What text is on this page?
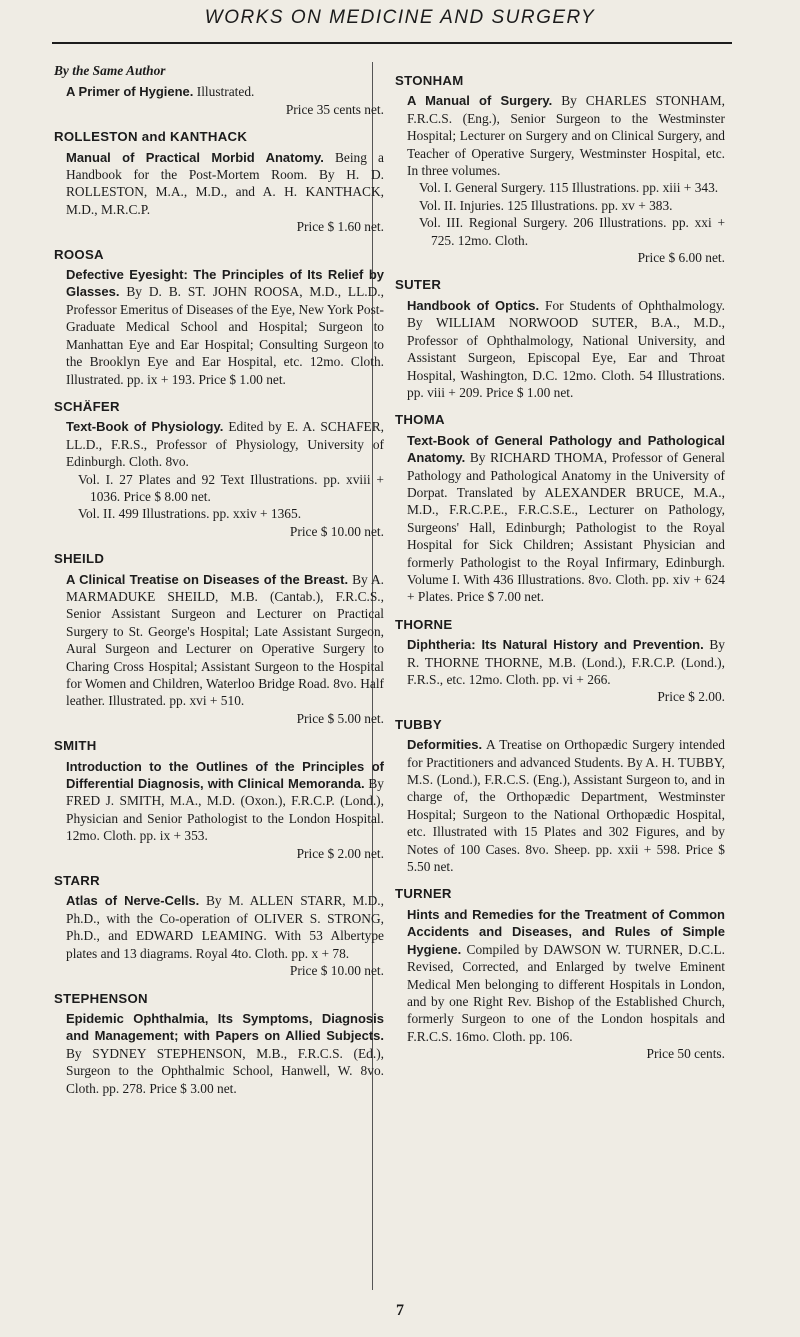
WORKS ON MEDICINE AND SURGERY
By the Same Author
A Primer of Hygiene. Illustrated.
Price 35 cents net.
ROLLESTON and KANTHACK
Manual of Practical Morbid Anatomy. Being a Handbook for the Post-Mortem Room. By H. D. ROLLESTON, M.A., M.D., and A. H. KANTHACK, M.D., M.R.C.P.
Price $ 1.60 net.
ROOSA
Defective Eyesight: The Principles of Its Relief by Glasses. By D. B. ST. JOHN ROOSA, M.D., LL.D., Professor Emeritus of Diseases of the Eye, New York Post-Graduate Medical School and Hospital; Surgeon to Manhattan Eye and Ear Hospital; Consulting Surgeon to the Brooklyn Eye and Ear Hospital, etc. 12mo. Cloth. Illustrated. pp. ix + 193. Price $ 1.00 net.
SCHÄFER
Text-Book of Physiology. Edited by E. A. SCHAFER, LL.D., F.R.S., Professor of Physiology, University of Edinburgh. Cloth. 8vo.
Vol. I. 27 Plates and 92 Text Illustrations. pp. xviii + 1036. Price $ 8.00 net.
Vol. II. 499 Illustrations. pp. xxiv + 1365.
Price $ 10.00 net.
SHEILD
A Clinical Treatise on Diseases of the Breast. By A. MARMADUKE SHEILD, M.B. (Cantab.), F.R.C.S., Senior Assistant Surgeon and Lecturer on Practical Surgery to St. George's Hospital; Late Assistant Surgeon, Aural Surgeon and Lecturer on Operative Surgery to Charing Cross Hospital; Assistant Surgeon to the Hospital for Women and Children, Waterloo Bridge Road. 8vo. Half leather. Illustrated. pp. xvi + 510.
Price $ 5.00 net.
SMITH
Introduction to the Outlines of the Principles of Differential Diagnosis, with Clinical Memoranda. By FRED J. SMITH, M.A., M.D. (Oxon.), F.R.C.P. (Lond.), Physician and Senior Pathologist to the London Hospital. 12mo. Cloth. pp. ix + 353.
Price $ 2.00 net.
STARR
Atlas of Nerve-Cells. By M. ALLEN STARR, M.D., Ph.D., with the Co-operation of OLIVER S. STRONG, Ph.D., and EDWARD LEAMING. With 53 Albertype plates and 13 diagrams. Royal 4to. Cloth. pp. x + 78.
Price $ 10.00 net.
STEPHENSON
Epidemic Ophthalmia, Its Symptoms, Diagnosis and Management; with Papers on Allied Subjects. By SYDNEY STEPHENSON, M.B., F.R.C.S. (Ed.), Surgeon to the Ophthalmic School, Hanwell, W. 8vo. Cloth. pp. 278. Price $ 3.00 net.
STONHAM
A Manual of Surgery. By CHARLES STONHAM, F.R.C.S. (Eng.), Senior Surgeon to the Westminster Hospital; Lecturer on Surgery and on Clinical Surgery, and Teacher of Operative Surgery, Westminster Hospital, etc. In three volumes.
Vol. I. General Surgery. 115 Illustrations. pp. xiii + 343.
Vol. II. Injuries. 125 Illustrations. pp. xv + 383.
Vol. III. Regional Surgery. 206 Illustrations. pp. xxi + 725. 12mo. Cloth.
Price $ 6.00 net.
SUTER
Handbook of Optics. For Students of Ophthalmology. By WILLIAM NORWOOD SUTER, B.A., M.D., Professor of Ophthalmology, National University, and Assistant Surgeon, Episcopal Eye, Ear and Throat Hospital, Washington, D.C. 12mo. Cloth. 54 Illustrations. pp. viii + 209. Price $ 1.00 net.
THOMA
Text-Book of General Pathology and Pathological Anatomy. By RICHARD THOMA, Professor of General Pathology and Pathological Anatomy in the University of Dorpat. Translated by ALEXANDER BRUCE, M.A., M.D., F.R.C.P.E., F.R.C.S.E., Lecturer on Pathology, Surgeons' Hall, Edinburgh; Pathologist to the Royal Hospital for Sick Children; Assistant Physician and formerly Pathologist to the Royal Infirmary, Edinburgh. Volume I. With 436 Illustrations. 8vo. Cloth. pp. xiv + 624 + Plates. Price $ 7.00 net.
THORNE
Diphtheria: Its Natural History and Prevention. By R. THORNE THORNE, M.B. (Lond.), F.R.C.P. (Lond.), F.R.S., etc. 12mo. Cloth. pp. vi + 266.
Price $ 2.00.
TUBBY
Deformities. A Treatise on Orthopædic Surgery intended for Practitioners and advanced Students. By A. H. TUBBY, M.S. (Lond.), F.R.C.S. (Eng.), Assistant Surgeon to, and in charge of, the Orthopædic Department, Westminster Hospital; Surgeon to the National Orthopædic Hospital, etc. Illustrated with 15 Plates and 302 Figures, and by Notes of 100 Cases. 8vo. Sheep. pp. xxii + 598. Price $ 5.50 net.
TURNER
Hints and Remedies for the Treatment of Common Accidents and Diseases, and Rules of Simple Hygiene. Compiled by DAWSON W. TURNER, D.C.L. Revised, Corrected, and Enlarged by twelve Eminent Medical Men belonging to different Hospitals in London, and by one Right Rev. Bishop of the Established Church, formerly Surgeon to one of the London hospitals and F.R.C.S. 16mo. Cloth. pp. 106.
Price 50 cents.
7
